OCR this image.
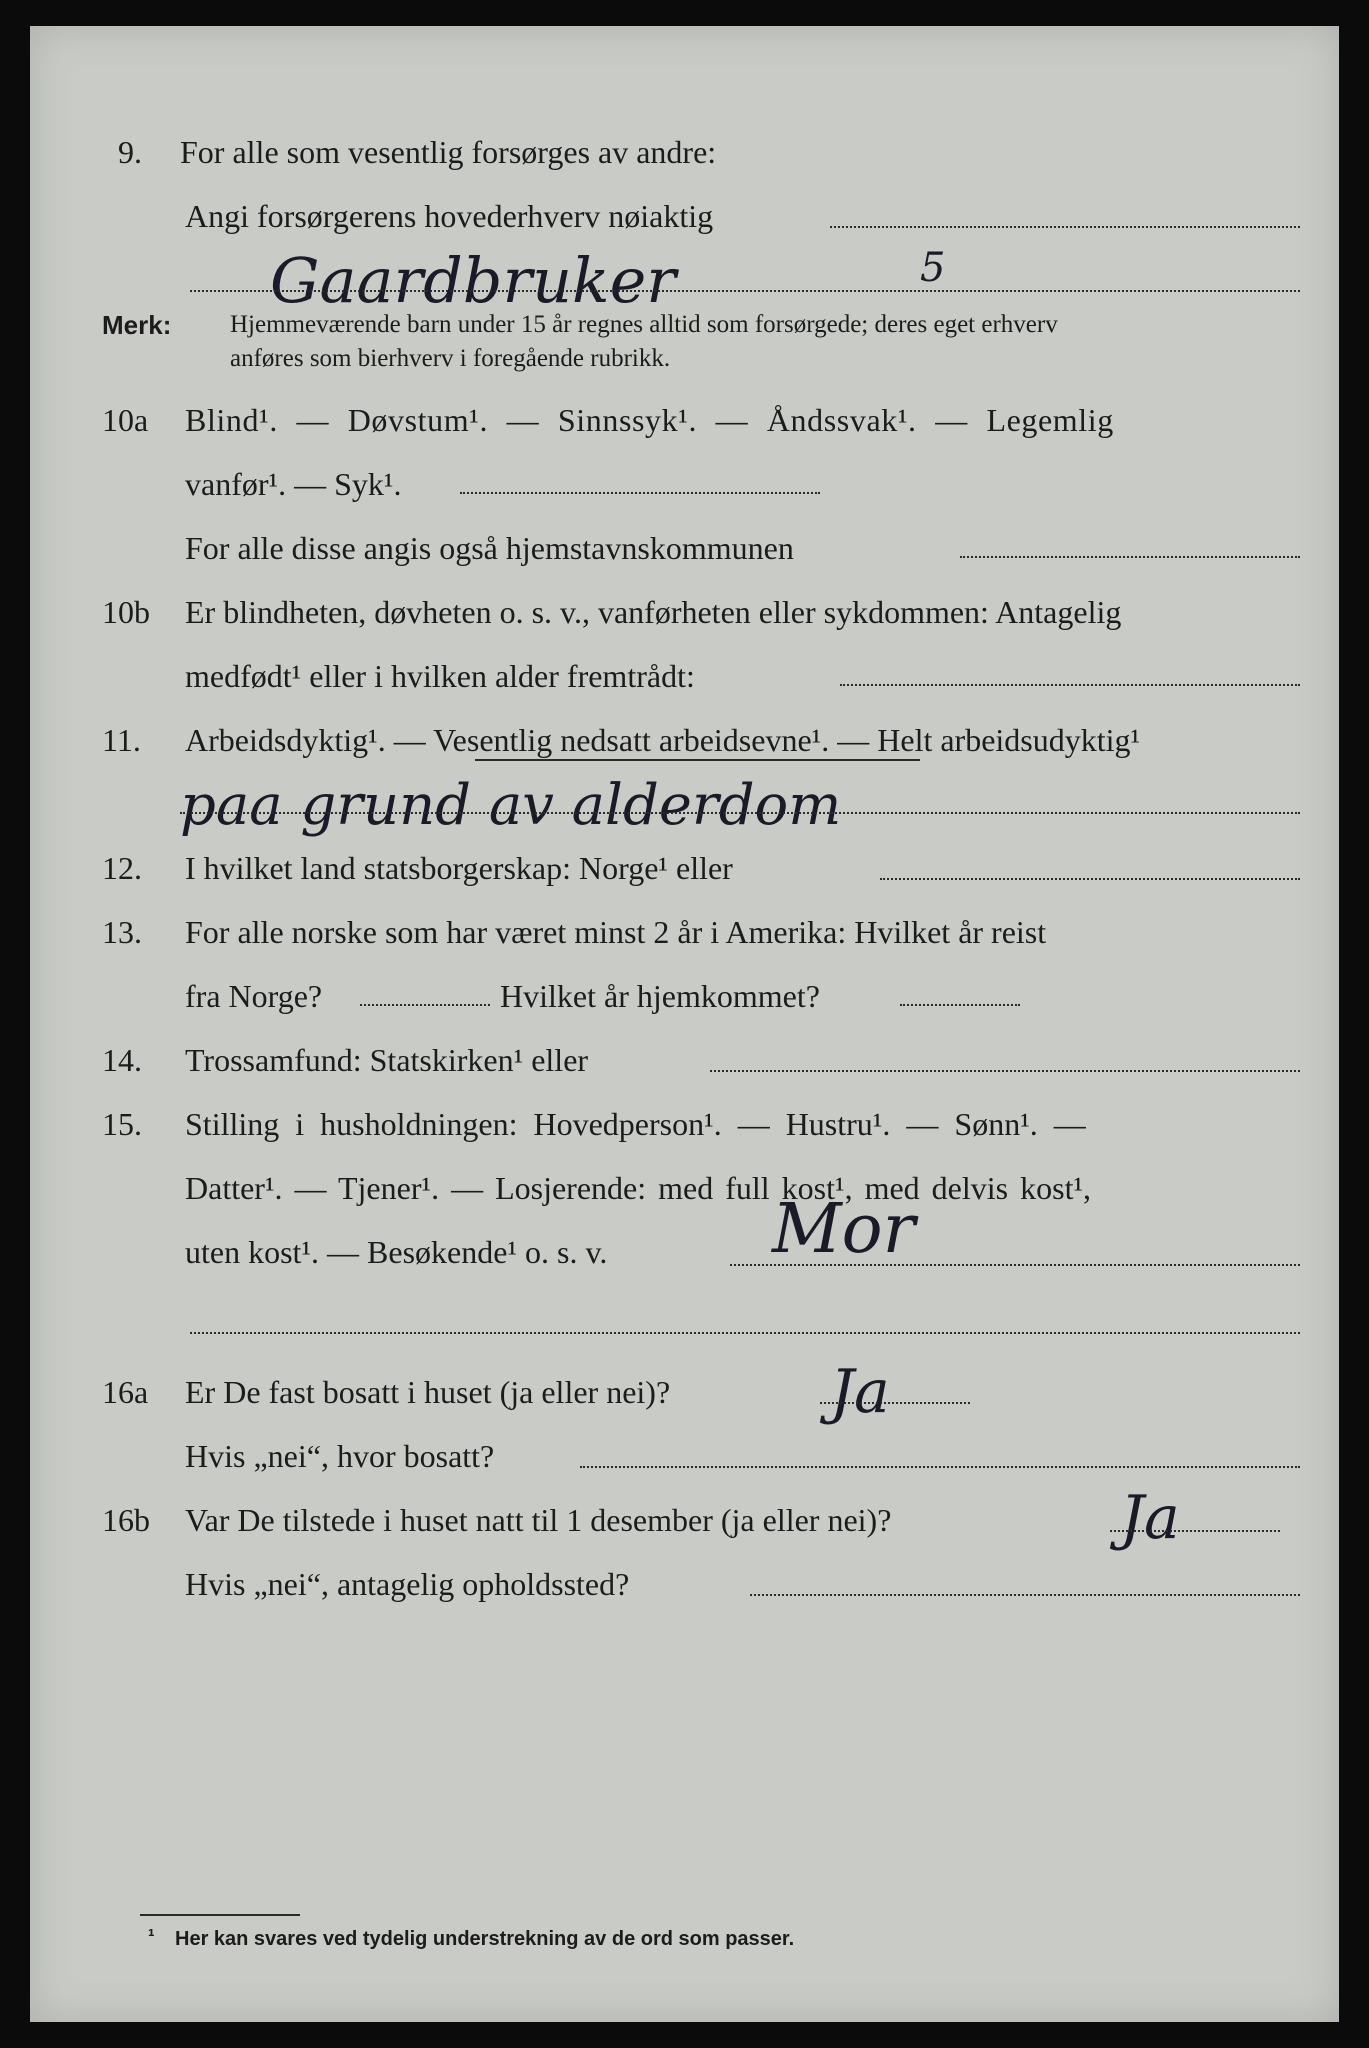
9. For alle som vesentlig forsørges av andre:
Angi forsørgerens hovederhverv nøiaktig
Gaardbruker	5
Merk: Hjemmeværende barn under 15 år regnes alltid som forsørgede; deres eget erhverv
anføres som bierhverv i foregående rubrikk.
10a Blind¹. — Døvstum¹. — Sinnssyk¹. — Åndssvak¹. — Legemlig
vanfør¹. — Syk¹.
For alle disse angis også hjemstavnskommunen
10b Er blindheten, døvheten o. s. v., vanførheten eller sykdommen: Antagelig
medfødt¹ eller i hvilken alder fremtrådt:
11. Arbeidsdyktig¹. — Vesentlig nedsatt arbeidsevne¹. — Helt arbeidsudyktig¹
paa grund av alderdom
12. I hvilket land statsborgerskap: Norge¹ eller
13. For alle norske som har været minst 2 år i Amerika: Hvilket år reist
fra Norge?	Hvilket år hjemkommet?
14. Trossamfund: Statskirken¹ eller
15. Stilling i husholdningen: Hovedperson¹. — Hustru¹. — Sønn¹. —
Datter¹. — Tjener¹. — Losjerende: med full kost¹, med delvis kost¹,
uten kost¹. — Besøkende¹ o. s. v. Mor
16a Er De fast bosatt i huset (ja eller nei)?	Ja
Hvis „nei“, hvor bosatt?
16b Var De tilstede i huset natt til 1 desember (ja eller nei)?	Ja
Hvis „nei“, antagelig opholdssted?
¹ Her kan svares ved tydelig understrekning av de ord som passer.
